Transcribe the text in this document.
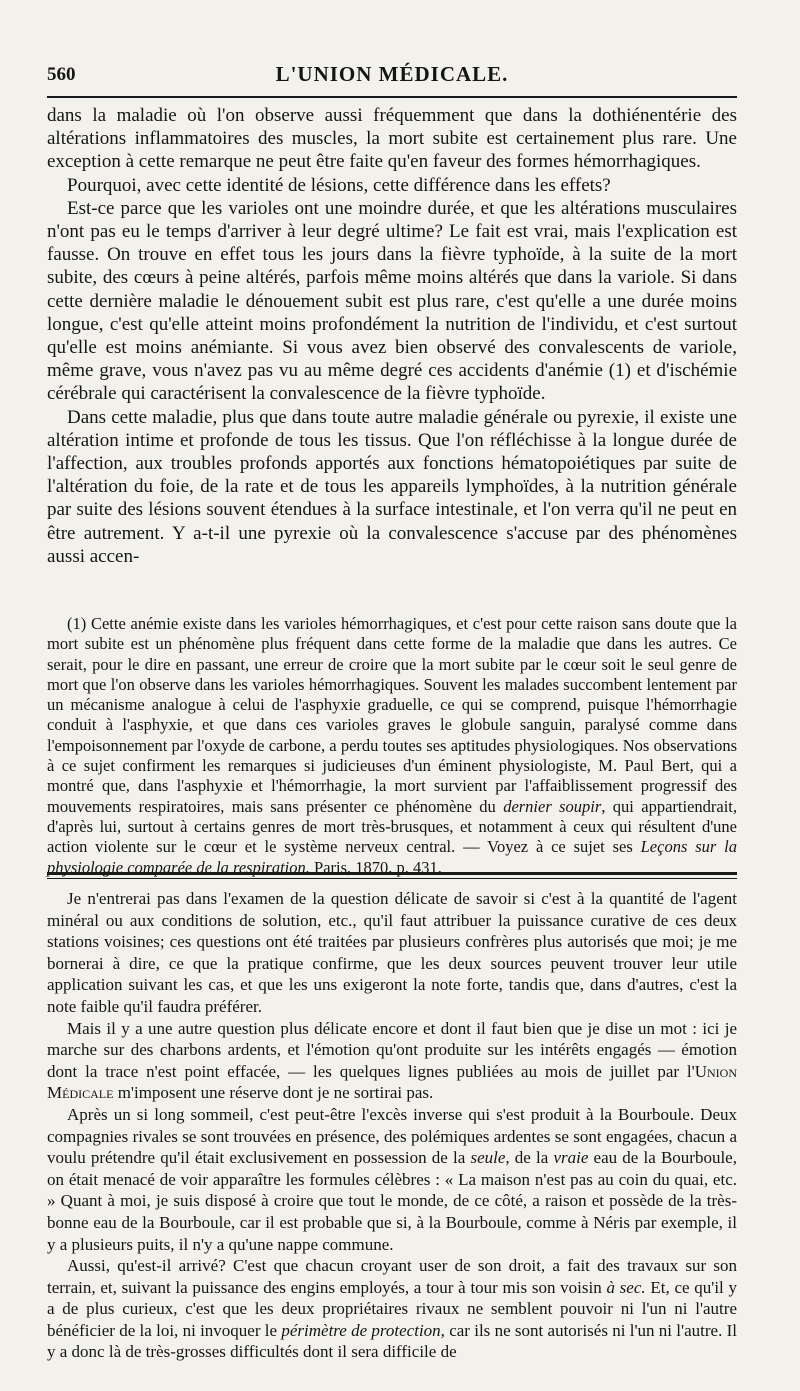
560	L'UNION MÉDICALE.

dans la maladie où l'on observe aussi fréquemment que dans la dothiénentérie des altérations inflammatoires des muscles, la mort subite est certainement plus rare. Une exception à cette remarque ne peut être faite qu'en faveur des formes hémorrhagiques.

Pourquoi, avec cette identité de lésions, cette différence dans les effets?

Est-ce parce que les varioles ont une moindre durée, et que les altérations musculaires n'ont pas eu le temps d'arriver à leur degré ultime? Le fait est vrai, mais l'explication est fausse. On trouve en effet tous les jours dans la fièvre typhoïde, à la suite de la mort subite, des cœurs à peine altérés, parfois même moins altérés que dans la variole. Si dans cette dernière maladie le dénouement subit est plus rare, c'est qu'elle a une durée moins longue, c'est qu'elle atteint moins profondément la nutrition de l'individu, et c'est surtout qu'elle est moins anémiante. Si vous avez bien observé des convalescents de variole, même grave, vous n'avez pas vu au même degré ces accidents d'anémie (1) et d'ischémie cérébrale qui caractérisent la convalescence de la fièvre typhoïde.

Dans cette maladie, plus que dans toute autre maladie générale ou pyrexie, il existe une altération intime et profonde de tous les tissus. Que l'on réfléchisse à la longue durée de l'affection, aux troubles profonds apportés aux fonctions hématopoiétiques par suite de l'altération du foie, de la rate et de tous les appareils lymphoïdes, à la nutrition générale par suite des lésions souvent étendues à la surface intestinale, et l'on verra qu'il ne peut en être autrement. Y a-t-il une pyrexie où la convalescence s'accuse par des phénomènes aussi accen-

(1) Cette anémie existe dans les varioles hémorrhagiques, et c'est pour cette raison sans doute que la mort subite est un phénomène plus fréquent dans cette forme de la maladie que dans les autres. Ce serait, pour le dire en passant, une erreur de croire que la mort subite par le cœur soit le seul genre de mort que l'on observe dans les varioles hémorrhagiques. Souvent les malades succombent lentement par un mécanisme analogue à celui de l'asphyxie graduelle, ce qui se comprend, puisque l'hémorrhagie conduit à l'asphyxie, et que dans ces varioles graves le globule sanguin, paralysé comme dans l'empoisonnement par l'oxyde de carbone, a perdu toutes ses aptitudes physiologiques. Nos observations à ce sujet confirment les remarques si judicieuses d'un éminent physiologiste, M. Paul Bert, qui a montré que, dans l'asphyxie et l'hémorrhagie, la mort survient par l'affaiblissement progressif des mouvements respiratoires, mais sans présenter ce phénomène du dernier soupir, qui appartiendrait, d'après lui, surtout à certains genres de mort très-brusques, et notamment à ceux qui résultent d'une action violente sur le cœur et le système nerveux central. — Voyez à ce sujet ses Leçons sur la physiologie comparée de la respiration. Paris, 1870, p. 431.

Je n'entrerai pas dans l'examen de la question délicate de savoir si c'est à la quantité de l'agent minéral ou aux conditions de solution, etc., qu'il faut attribuer la puissance curative de ces deux stations voisines; ces questions ont été traitées par plusieurs confrères plus autorisés que moi; je me bornerai à dire, ce que la pratique confirme, que les deux sources peuvent trouver leur utile application suivant les cas, et que les uns exigeront la note forte, tandis que, dans d'autres, c'est la note faible qu'il faudra préférer.

Mais il y a une autre question plus délicate encore et dont il faut bien que je dise un mot : ici je marche sur des charbons ardents, et l'émotion qu'ont produite sur les intérêts engagés — émotion dont la trace n'est point effacée, — les quelques lignes publiées au mois de juillet par l'Union Médicale m'imposent une réserve dont je ne sortirai pas.

Après un si long sommeil, c'est peut-être l'excès inverse qui s'est produit à la Bourboule. Deux compagnies rivales se sont trouvées en présence, des polémiques ardentes se sont engagées, chacun a voulu prétendre qu'il était exclusivement en possession de la seule, de la vraie eau de la Bourboule, on était menacé de voir apparaître les formules célèbres : « La maison n'est pas au coin du quai, etc. » Quant à moi, je suis disposé à croire que tout le monde, de ce côté, a raison et possède de la très-bonne eau de la Bourboule, car il est probable que si, à la Bourboule, comme à Néris par exemple, il y a plusieurs puits, il n'y a qu'une nappe commune.

Aussi, qu'est-il arrivé? C'est que chacun croyant user de son droit, a fait des travaux sur son terrain, et, suivant la puissance des engins employés, a tour à tour mis son voisin à sec. Et, ce qu'il y a de plus curieux, c'est que les deux propriétaires rivaux ne semblent pouvoir ni l'un ni l'autre bénéficier de la loi, ni invoquer le périmètre de protection, car ils ne sont autorisés ni l'un ni l'autre. Il y a donc là de très-grosses difficultés dont il sera difficile de
